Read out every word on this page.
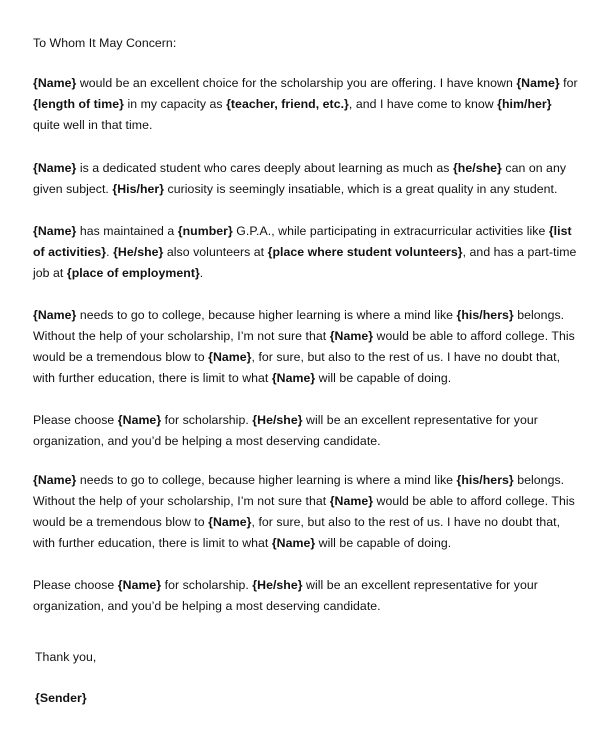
To Whom It May Concern:

{Name} would be an excellent choice for the scholarship you are offering. I have known {Name} for {length of time} in my capacity as {teacher, friend, etc.}, and I have come to know {him/her} quite well in that time.

{Name} is a dedicated student who cares deeply about learning as much as {he/she} can on any given subject. {His/her} curiosity is seemingly insatiable, which is a great quality in any student.

{Name} has maintained a {number} G.P.A., while participating in extracurricular activities like {list of activities}. {He/she} also volunteers at {place where student volunteers}, and has a part-time job at {place of employment}.

{Name} needs to go to college, because higher learning is where a mind like {his/hers} belongs. Without the help of your scholarship, I’m not sure that {Name} would be able to afford college. This would be a tremendous blow to {Name}, for sure, but also to the rest of us. I have no doubt that, with further education, there is limit to what {Name} will be capable of doing.

Please choose {Name} for scholarship. {He/she} will be an excellent representative for your organization, and you’d be helping a most deserving candidate.

{Name} needs to go to college, because higher learning is where a mind like {his/hers} belongs. Without the help of your scholarship, I’m not sure that {Name} would be able to afford college. This would be a tremendous blow to {Name}, for sure, but also to the rest of us. I have no doubt that, with further education, there is limit to what {Name} will be capable of doing.

Please choose {Name} for scholarship. {He/she} will be an excellent representative for your organization, and you’d be helping a most deserving candidate.

Thank you,

{Sender}
